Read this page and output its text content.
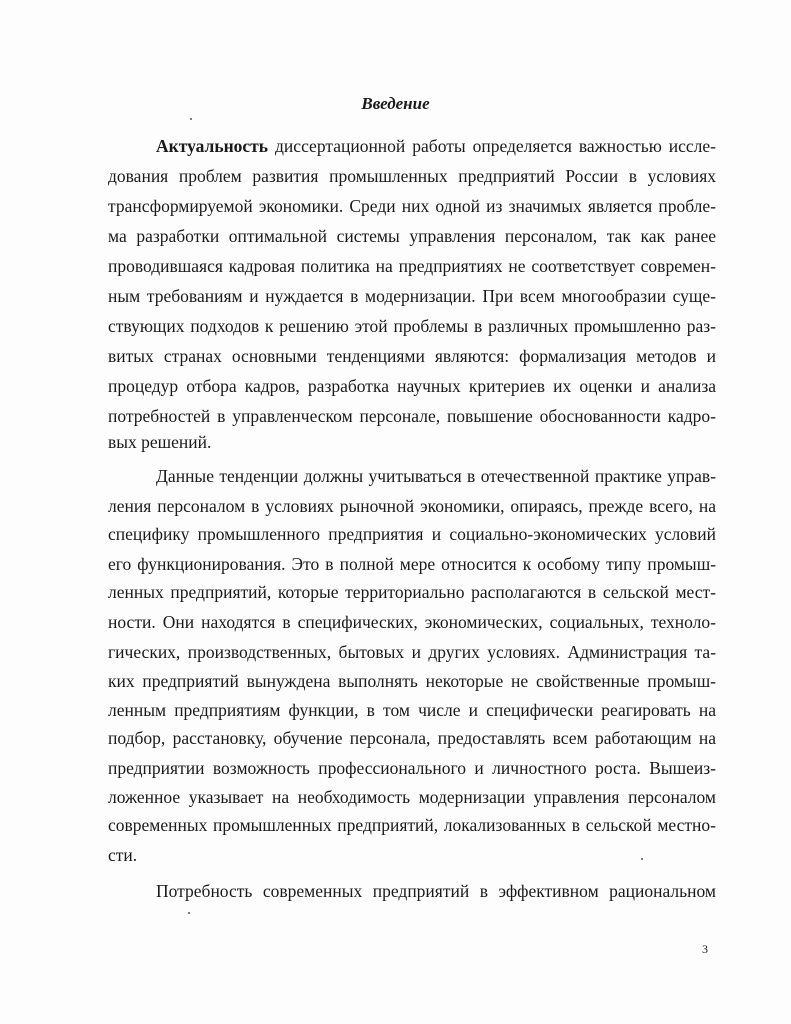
Введение

Актуальность диссертационной работы определяется важностью иссле-

дования проблем развития промышленных предприятий России в условиях

трансформируемой экономики. Среди них одной из значимых является пробле-

ма разработки оптимальной системы управления персоналом, так как ранее

проводившаяся кадровая политика на предприятиях не соответствует современ-

ным требованиям и нуждается в модернизации. При всем многообразии суще-

ствующих подходов к решению этой проблемы в различных промышленно раз-

витых странах основными тенденциями являются: формализация методов и

процедур отбора кадров, разработка научных критериев их оценки и анализа

потребностей в управленческом персонале, повышение обоснованности кадро-

вых решений.

Данные тенденции должны учитываться в отечественной практике управ-

ления персоналом в условиях рыночной экономики, опираясь, прежде всего, на

специфику промышленного предприятия и социально-экономических условий

его функционирования. Это в полной мере относится к особому типу промыш-

ленных предприятий, которые территориально располагаются в сельской мест-

ности. Они находятся в специфических, экономических, социальных, техноло-

гических, производственных, бытовых и других условиях. Администрация та-

ких предприятий вынуждена выполнять некоторые не свойственные промыш-

ленным предприятиям функции, в том числе и специфически реагировать на

подбор, расстановку, обучение персонала, предоставлять всем работающим на

предприятии возможность профессионального и личностного роста. Вышеиз-

ложенное указывает на необходимость модернизации управления персоналом

современных промышленных предприятий, локализованных в сельской местно-

сти.

Потребность современных предприятий в эффективном рациональном

3
